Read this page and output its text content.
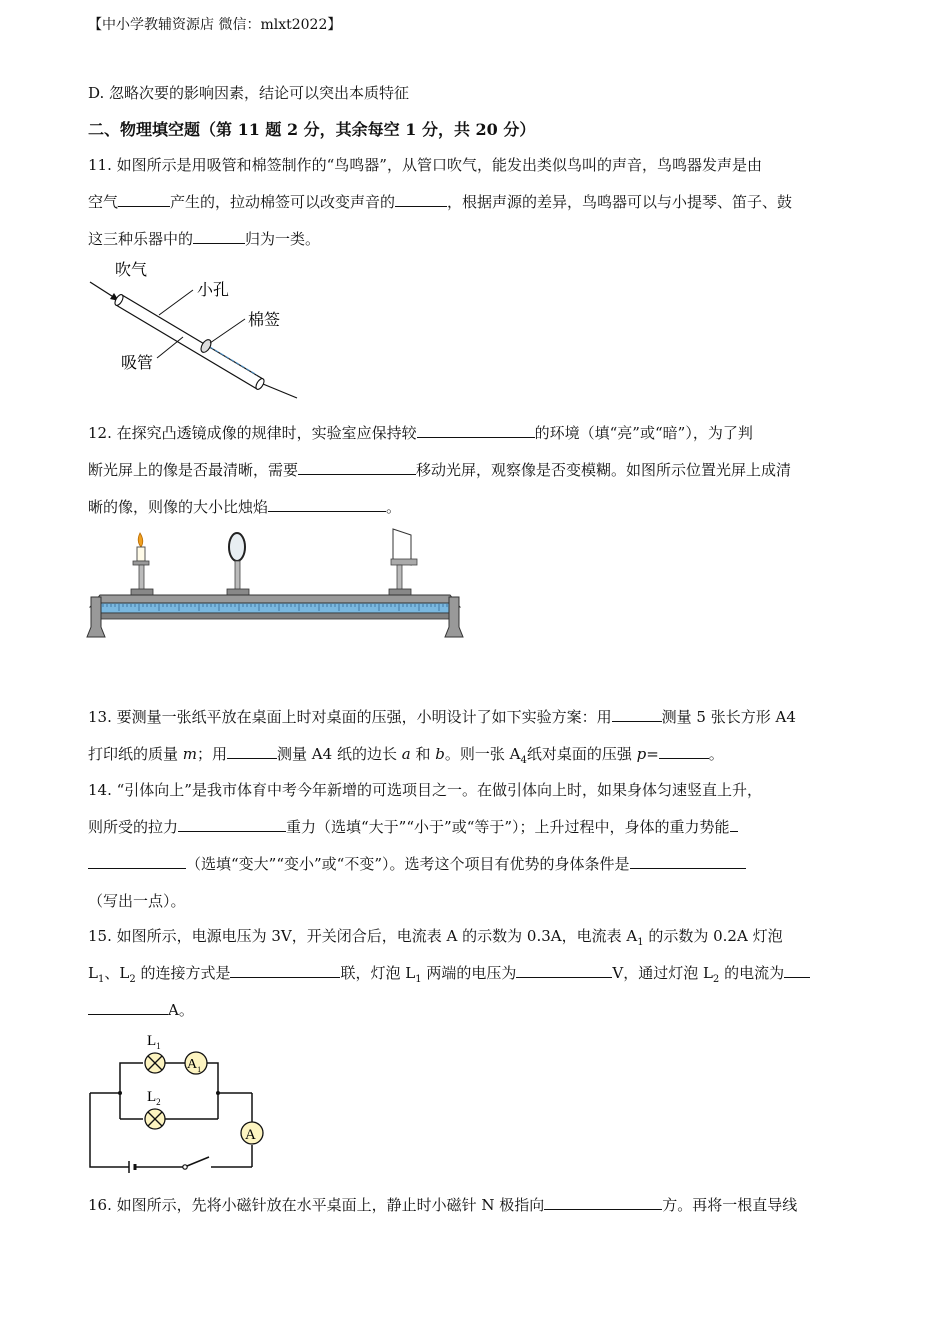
【中小学教辅资源店 微信：mlxt2022】
D. 忽略次要的影响因素，结论可以突出本质特征
二、物理填空题（第 11 题 2 分，其余每空 1 分，共 20 分）
11. 如图所示是用吸管和棉签制作的“鸟鸣器”，从管口吹气，能发出类似鸟叫的声音，鸟鸣器发声是由
空气	产生的，拉动棉签可以改变声音的	，根据声源的差异，鸟鸣器可以与小提琴、笛子、鼓
这三种乐器中的	归为一类。
吹气
小孔
棉签
吸管
12. 在探究凸透镜成像的规律时，实验室应保持较	的环境（填“亮”或“暗”），为了判
断光屏上的像是否最清晰，需要	移动光屏，观察像是否变模糊。如图所示位置光屏上成清
晰的像，则像的大小比烛焰	。
13. 要测量一张纸平放在桌面上时对桌面的压强，小明设计了如下实验方案：用	测量 5 张长方形 A4
打印纸的质量 m；用	测量 A4 纸的边长 a 和 b。则一张 $A_4$纸对桌面的压强 p=	。
14. “引体向上”是我市体育中考今年新增的可选项目之一。在做引体向上时，如果身体匀速竖直上升，
则所受的拉力	重力（选填“大于”“小于”或“等于”）；上升过程中，身体的重力势能
（选填“变大”“变小”或“不变”）。选考这个项目有优势的身体条件是
（写出一点）。
15. 如图所示，电源电压为 3V，开关闭合后，电流表 A 的示数为 0.3A，电流表 $A_1$ 的示数为 0.2A 灯泡
$L_1$、$L_2$ 的连接方式是	联，灯泡 $L_1$ 两端的电压为	V，通过灯泡 $L_2$ 的电流为
A。
A
$L_1$
$A_1$
$L_2$
16. 如图所示，先将小磁针放在水平桌面上，静止时小磁针 N 极指向	方。再将一根直导线
